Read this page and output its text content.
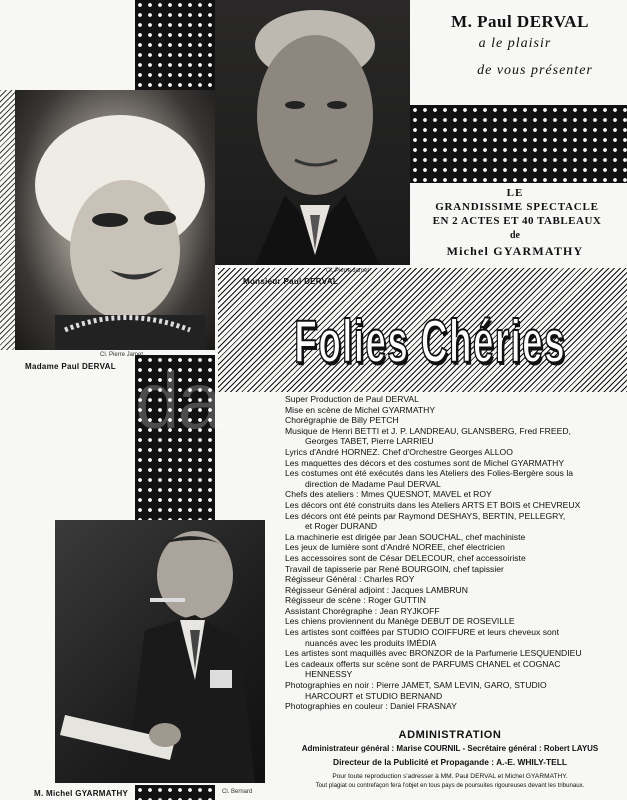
Cl. Pierre Jamet
Madame Paul DERVAL
Cl. Pierre Jamet
Monsieur Paul DERVAL
M. Paul DERVAL
a le plaisir
de vous présenter
LE
GRANDISSIME SPECTACLE
EN 2 ACTES ET 40 TABLEAUX
de
Michel GYARMATHY
Folies Chéries
da
M. Michel GYARMATHY	Cl. Bernard
Super Production de Paul DERVAL
Mise en scène de Michel GYARMATHY
Chorégraphie de Billy PETCH
Musique de Henri BETTI et J. P. LANDREAU, GLANSBERG, Fred FREED,
Georges TABET, Pierre LARRIEU
Lyrics d'André HORNEZ. Chef d'Orchestre Georges ALLOO
Les maquettes des décors et des costumes sont de Michel GYARMATHY
Les costumes ont été exécutés dans les Ateliers des Folies-Bergère sous la
direction de Madame Paul DERVAL
Chefs des ateliers : Mmes QUESNOT, MAVEL et ROY
Les décors ont été construits dans les Ateliers ARTS ET BOIS et CHEVREUX
Les décors ont été peints par Raymond DESHAYS, BERTIN, PELLEGRY,
et Roger DURAND
La machinerie est dirigée par Jean SOUCHAL, chef machiniste
Les jeux de lumière sont d'André NOREE, chef électricien
Les accessoires sont de César DELECOUR, chef accessoiriste
Travail de tapisserie par René BOURGOIN, chef tapissier
Régisseur Général : Charles ROY
Régisseur Général adjoint : Jacques LAMBRUN
Régisseur de scène : Roger GUTTIN
Assistant Chorégraphe : Jean RYJKOFF
Les chiens proviennent du Manège DEBUT DE ROSEVILLE
Les artistes sont coiffées par STUDIO COIFFURE et leurs cheveux sont
nuancés avec les produits IMÉDIA
Les artistes sont maquillés avec BRONZOR de la Parfumerie LESQUENDIEU
Les cadeaux offerts sur scène sont de PARFUMS CHANEL et COGNAC
HENNESSY
Photographies en noir : Pierre JAMET, SAM LEVIN, GARO, STUDIO
HARCOURT et STUDIO BERNAND
Photographies en couleur : Daniel FRASNAY
ADMINISTRATION
Administrateur général : Marise COURNIL - Secrétaire général : Robert LAYUS
Directeur de la Publicité et Propagande : A.-E. WHILY-TELL
Pour toute reproduction s'adresser à MM. Paul DERVAL et Michel GYARMATHY.
Tout plagiat ou contrefaçon fera l'objet en tous pays de poursuites rigoureuses devant les tribunaux.
